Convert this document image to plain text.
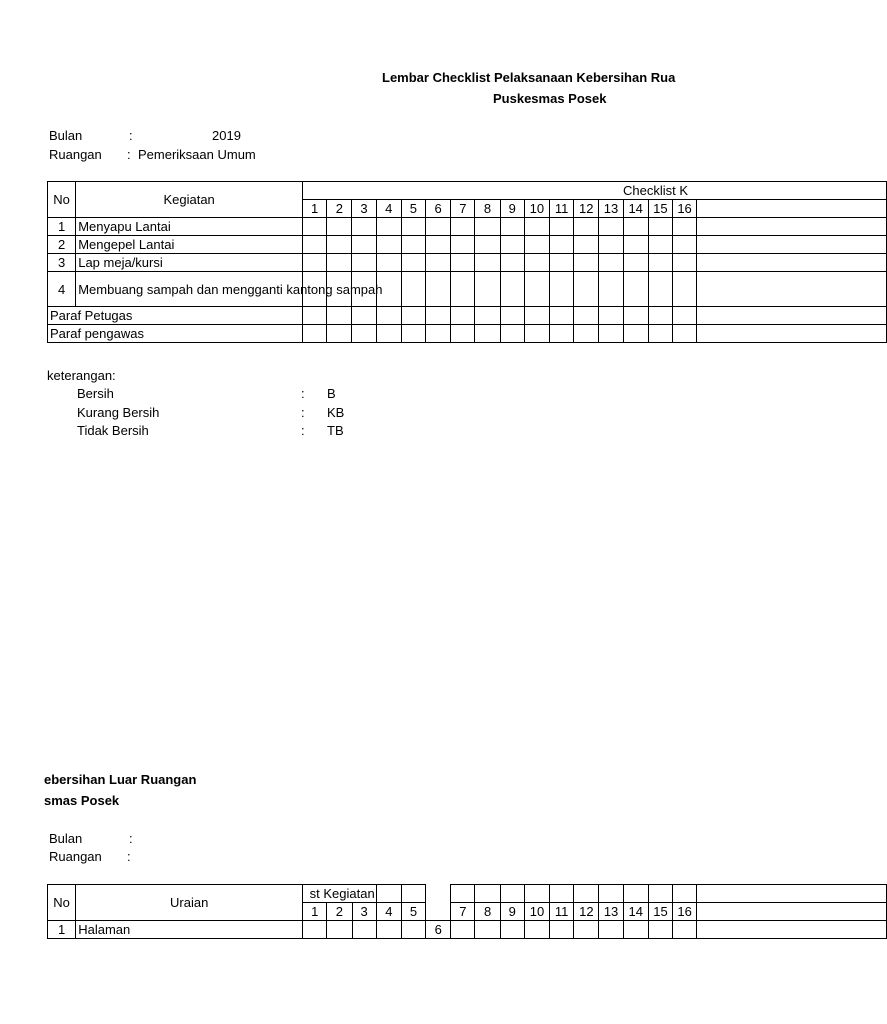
Lembar Checklist Pelaksanaan Kebersihan Rua
Puskesmas Posek
Bulan	:	2019
Ruangan : Pemeriksaan Umum
No	Kegiatan	Checklist K																
		1	2	3	4	5	6	7	8	9	10	11	12	13	14	15	16	
1	Menyapu Lantai																	
2	Mengepel Lantai																	
3	Lap meja/kursi																	
4	Membuang sampah dan mengganti kantong sampah																	
Paraf Petugas																		
Paraf pengawas																		
keterangan:
Bersih	: B
Kurang Bersih	: KB
Tidak Bersih	: TB
ebersihan Luar Ruangan
smas Posek
Bulan	:
Ruangan :
No	Uraian	st Kegiatan																
		1	2	3	4	5		7	8	9	10	11	12	13	14	15	16	
1	Halaman						6											
